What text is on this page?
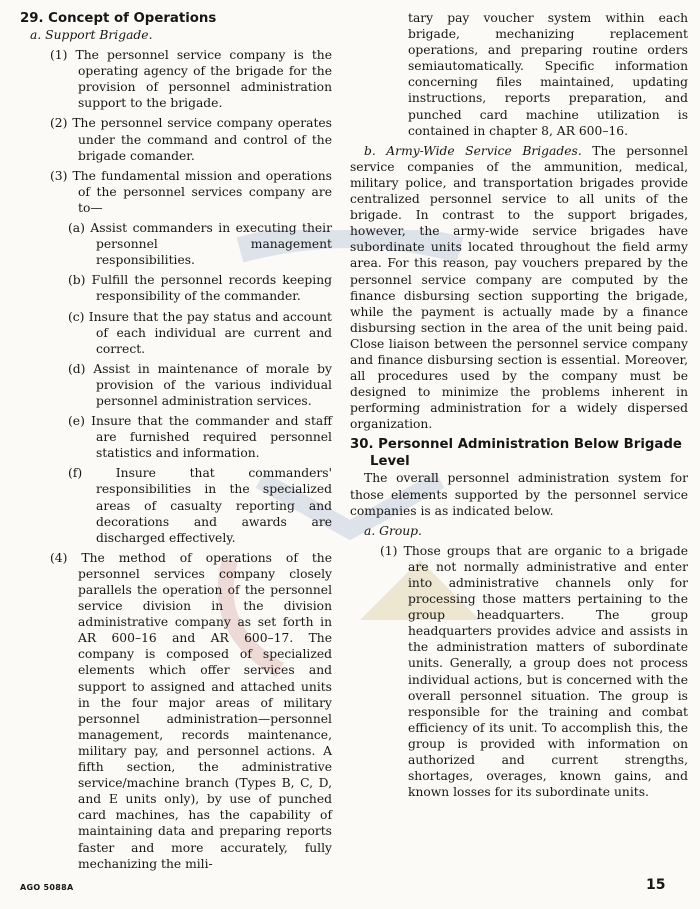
29. Concept of Operations

a. Support Brigade.

(1) The personnel service company is the operating agency of the brigade for the provision of personnel administration support to the brigade.

(2) The personnel service company operates under the command and control of the brigade comander.

(3) The fundamental mission and operations of the personnel services company are to—

(a) Assist commanders in executing their personnel management responsibilities.

(b) Fulfill the personnel records keeping responsibility of the commander.

(c) Insure that the pay status and account of each individual are current and correct.

(d) Assist in maintenance of morale by provision of the various individual personnel administration services.

(e) Insure that the commander and staff are furnished required personnel statistics and information.

(f) Insure that commanders' responsibilities in the specialized areas of casualty reporting and decorations and awards are discharged effectively.

(4) The method of operations of the personnel services company closely parallels the operation of the personnel service division in the division administrative company as set forth in AR 600–16 and AR 600–17. The company is composed of specialized elements which offer services and support to assigned and attached units in the four major areas of military personnel administration—personnel management, records maintenance, military pay, and personnel actions. A fifth section, the administrative service/machine branch (Types B, C, D, and E units only), by use of punched card machines, has the capability of maintaining data and preparing reports faster and more accurately, fully mechanizing the mili-

tary pay voucher system within each brigade, mechanizing replacement operations, and preparing routine orders semiautomatically. Specific information concerning files maintained, updating instructions, reports preparation, and punched card machine utilization is contained in chapter 8, AR 600–16.

b. Army-Wide Service Brigades. The personnel service companies of the ammunition, medical, military police, and transportation brigades provide centralized personnel service to all units of the brigade. In contrast to the support brigades, however, the army-wide service brigades have subordinate units located throughout the field army area. For this reason, pay vouchers prepared by the personnel service company are computed by the finance disbursing section supporting the brigade, while the payment is actually made by a finance disbursing section in the area of the unit being paid. Close liaison between the personnel service company and finance disbursing section is essential. Moreover, all procedures used by the company must be designed to minimize the problems inherent in performing administration for a widely dispersed organization.

30. Personnel Administration Below Brigade Level

The overall personnel administration system for those elements supported by the personnel service companies is as indicated below.

a. Group.

(1) Those groups that are organic to a brigade are not normally administrative and enter into administrative channels only for processing those matters pertaining to the group headquarters. The group headquarters provides advice and assists in the administration matters of subordinate units. Generally, a group does not process individual actions, but is concerned with the overall personnel situation. The group is responsible for the training and combat efficiency of its unit. To accomplish this, the group is provided with information on authorized and current strengths, shortages, overages, known gains, and known losses for its subordinate units.

AGO 5088A	15
